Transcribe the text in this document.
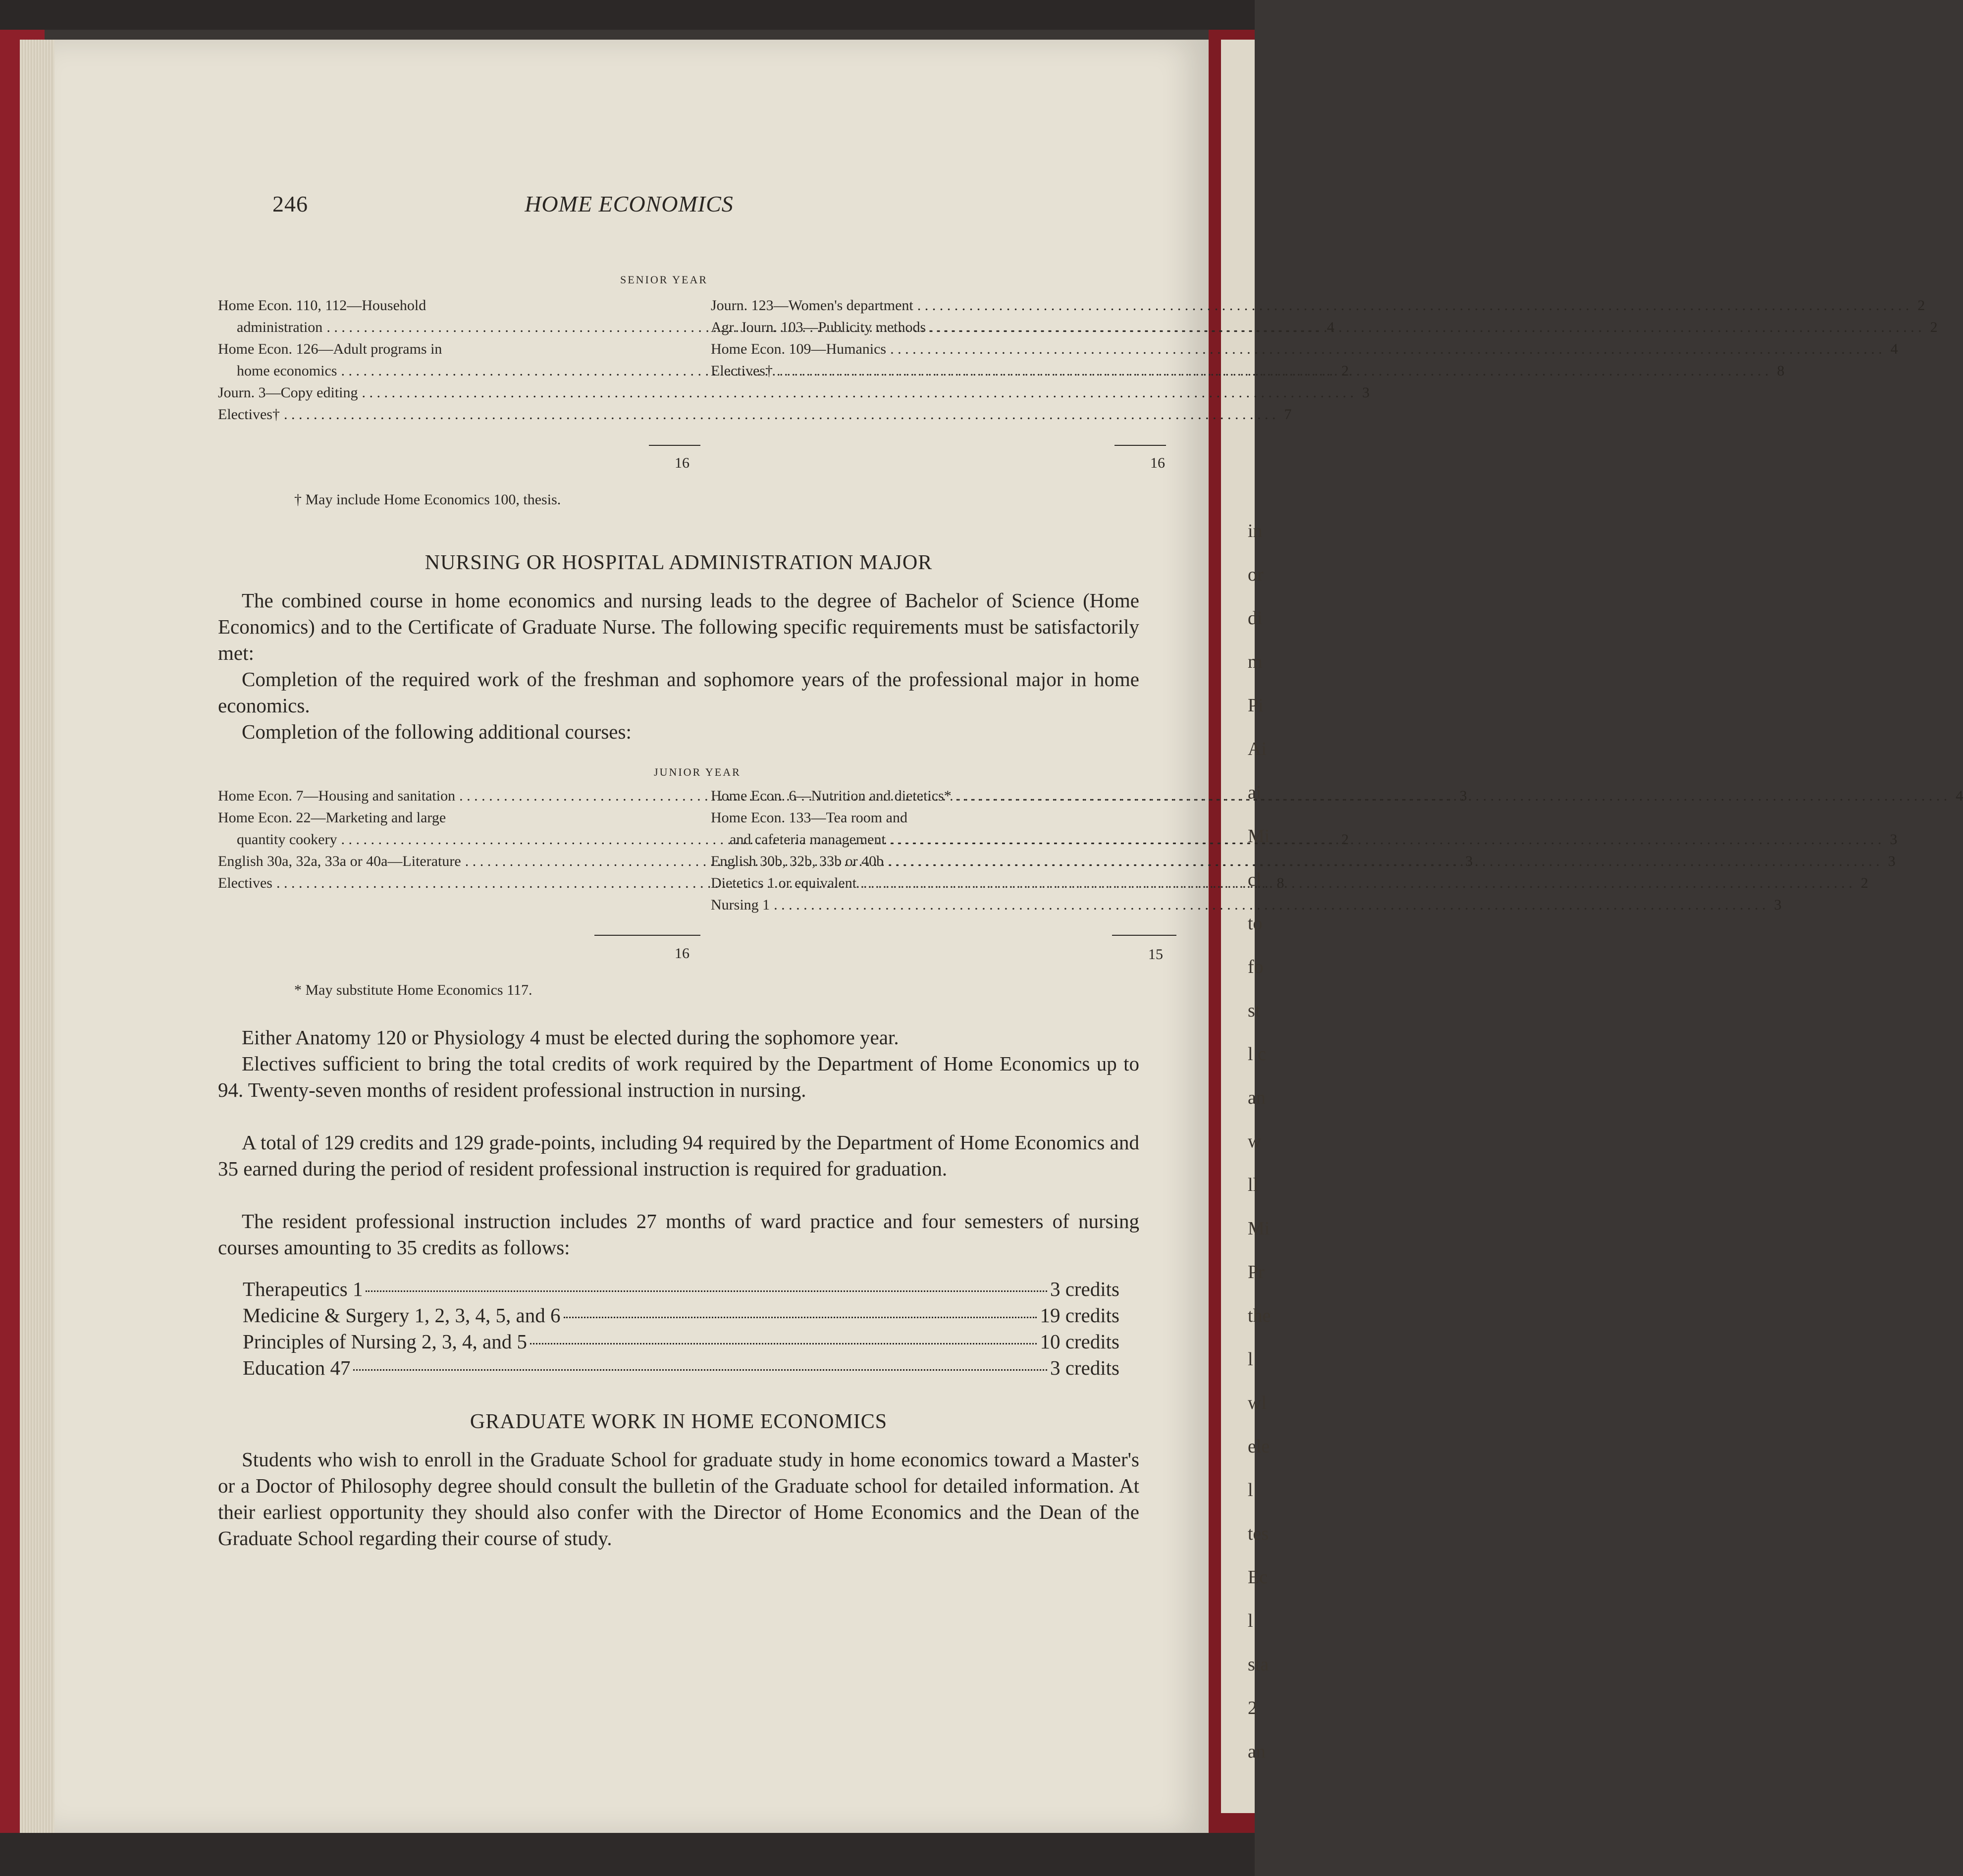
in
or
di
m
Pi
Ai
ai
Mi
cl
to
fo
st
l c
an
w
ll
Mi
Pr
the
l
wl
ele
l
tes
Ec
l
sta
2
an
246	HOME ECONOMICS
SENIOR YEAR
16	16
† May include Home Economics 100, thesis.
NURSING OR HOSPITAL ADMINISTRATION MAJOR
The combined course in home economics and nursing leads to the degree of Bachelor of Science (Home Economics) and to the Certificate of Graduate Nurse. The following specific requirements must be satisfactorily met:
Completion of the required work of the freshman and sophomore years of the professional major in home economics.
Completion of the following additional courses:
JUNIOR YEAR
16	15
* May substitute Home Economics 117.
Either Anatomy 120 or Physiology 4 must be elected during the sophomore year.
Electives sufficient to bring the total credits of work required by the Department of Home Economics up to 94. Twenty-seven months of resident professional instruction in nursing.
A total of 129 credits and 129 grade-points, including 94 required by the Department of Home Economics and 35 earned during the period of resident professional instruction is required for graduation.
The resident professional instruction includes 27 months of ward practice and four semesters of nursing courses amounting to 35 credits as follows:
GRADUATE WORK IN HOME ECONOMICS
Students who wish to enroll in the Graduate School for graduate study in home economics toward a Master's or a Doctor of Philosophy degree should consult the bulletin of the Graduate school for detailed information. At their earliest opportunity they should also confer with the Director of Home Economics and the Dean of the Graduate School regarding their course of study.
Home Econ. 110, 112—Household
administration . . .	4
Home Econ. 126—Adult programs in
home economics . . .	2
Journ. 3—Copy editing . . .	3
Electives† . . .	7
Journ. 123—Women's department . . .	2
Agr. Journ. 103—Publicity methods . . .	2
Home Econ. 109—Humanics . . .	4
Electives† . . .	8
Home Econ. 7—Housing and sanitation . . .	3
Home Econ. 22—Marketing and large
quantity cookery . . .	2
English 30a, 32a, 33a or 40a—Literature . . .	3
Electives . . .	8
Home Econ. 6—Nutrition and dietetics* . . .	4
Home Econ. 133—Tea room and
and cafeteria management . . .	3
English 30b, 32b, 33b or 40b . . .	3
Dietetics 1 or equivalent . . .	2
Nursing 1 . . .	3
Therapeutics 1	3 credits
Medicine & Surgery 1, 2, 3, 4, 5, and 6	19 credits
Principles of Nursing 2, 3, 4, and 5	10 credits
Education 47	3 credits
